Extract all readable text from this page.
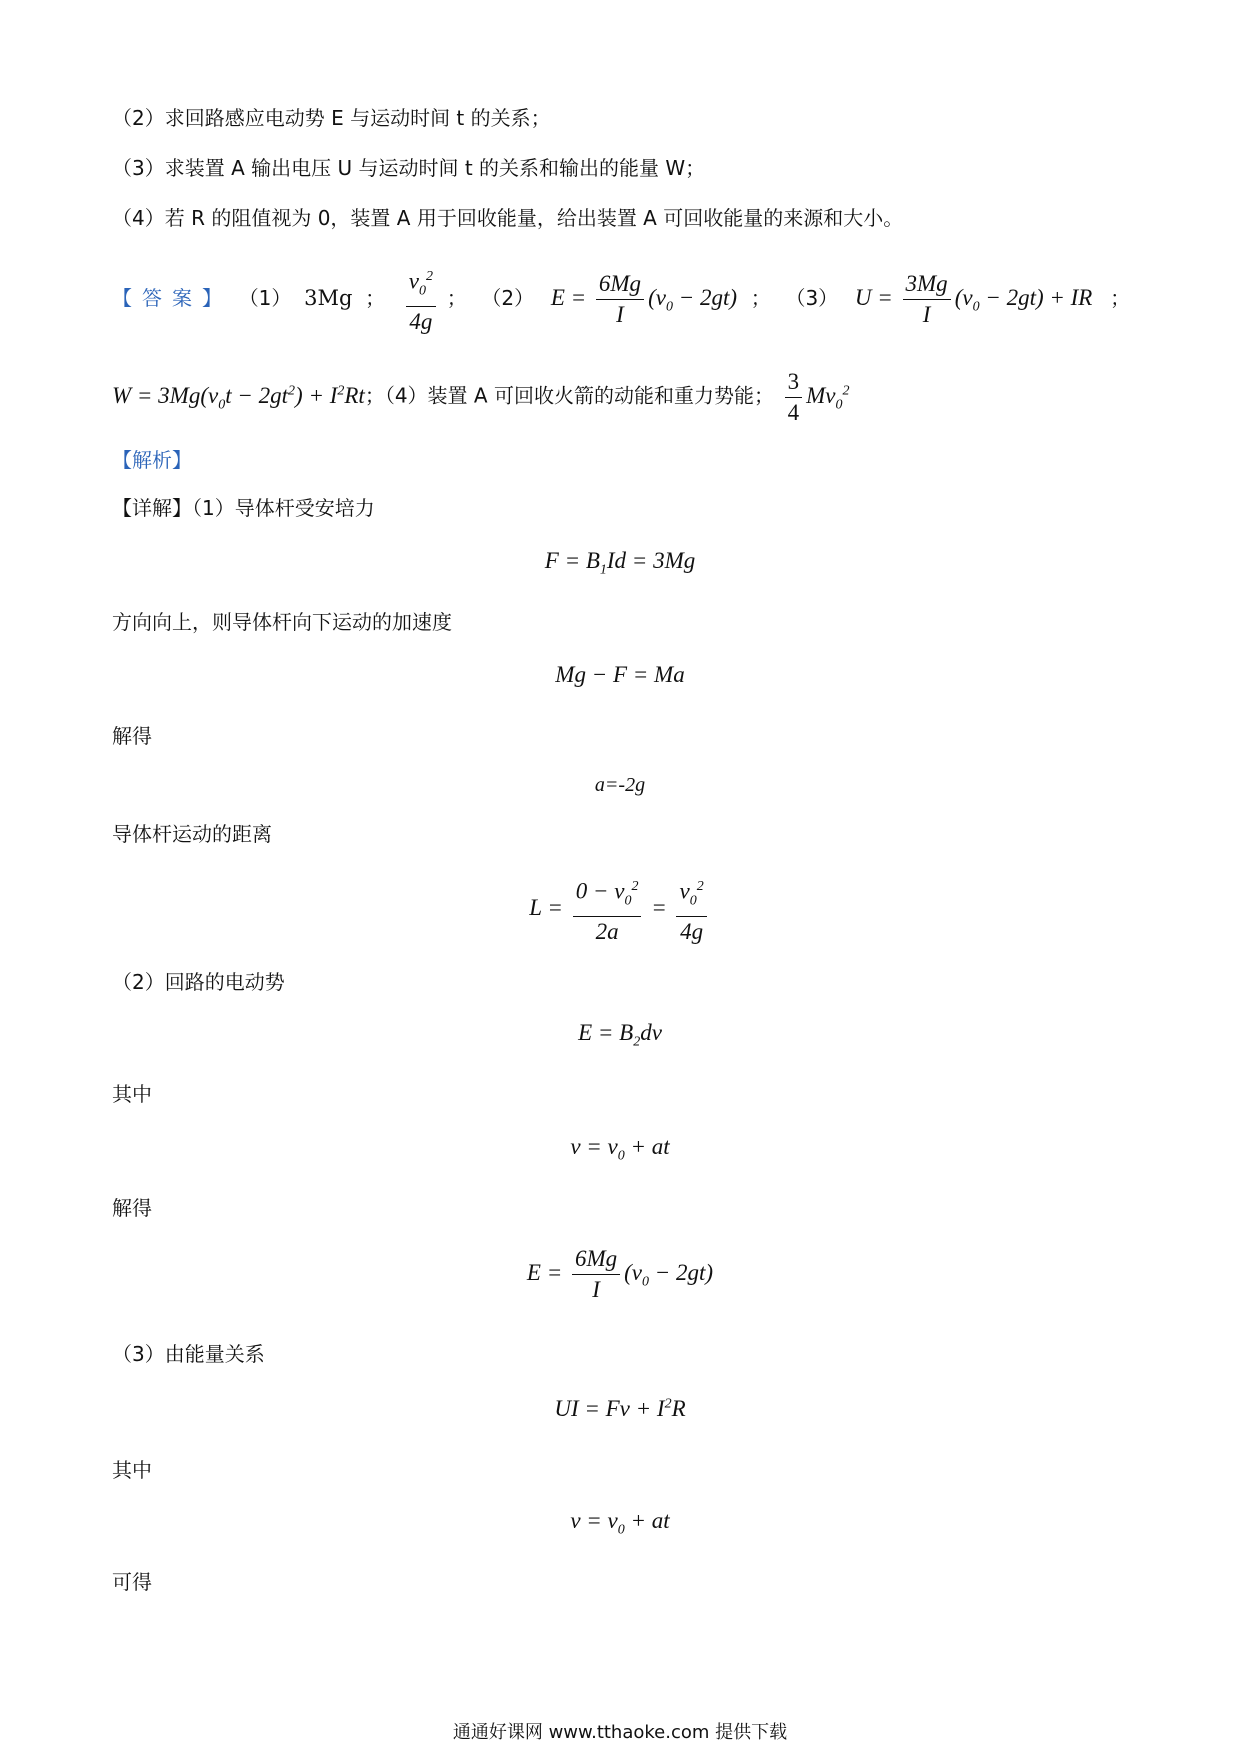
（2）求回路感应电动势 E 与运动时间 t 的关系；
（3）求装置 A 输出电压 U 与运动时间 t 的关系和输出的能量 W；
（4）若 R 的阻值视为 0，装置 A 用于回收能量，给出装置 A 可回收能量的来源和大小。
【答案】 （1） 3Mg ； $\frac{v_0^2}{4g}$ ； （2） $E = \frac{6Mg}{I} (v_0 - 2gt)$ ； （3） $U = \frac{3Mg}{I} (v_0 - 2gt)$ + IR ；
$W = 3Mg(v_0t - 2gt^2) + I^2Rt$；（4）装置 A 可回收火箭的动能和重力势能； $\frac{3}{4} Mv_0^2$
【解析】
【详解】（1）导体杆受安培力
$F = B_1Id = 3Mg$
方向向上，则导体杆向下运动的加速度
Mg − F = Ma
解得
a=-2g
导体杆运动的距离
$L = \frac{0 - v_0^2}{2a} = \frac{v_0^2}{4g}$
（2）回路的电动势
$E = B_2dv$
其中
$v = v_0$ + at
解得
$E = \frac{6Mg}{I} (v_0 - 2gt)$
（3）由能量关系
UI = $Fv + I^2R$
其中
$v = v_0$ + at
可得
通通好课网 www.tthaoke.com 提供下载
